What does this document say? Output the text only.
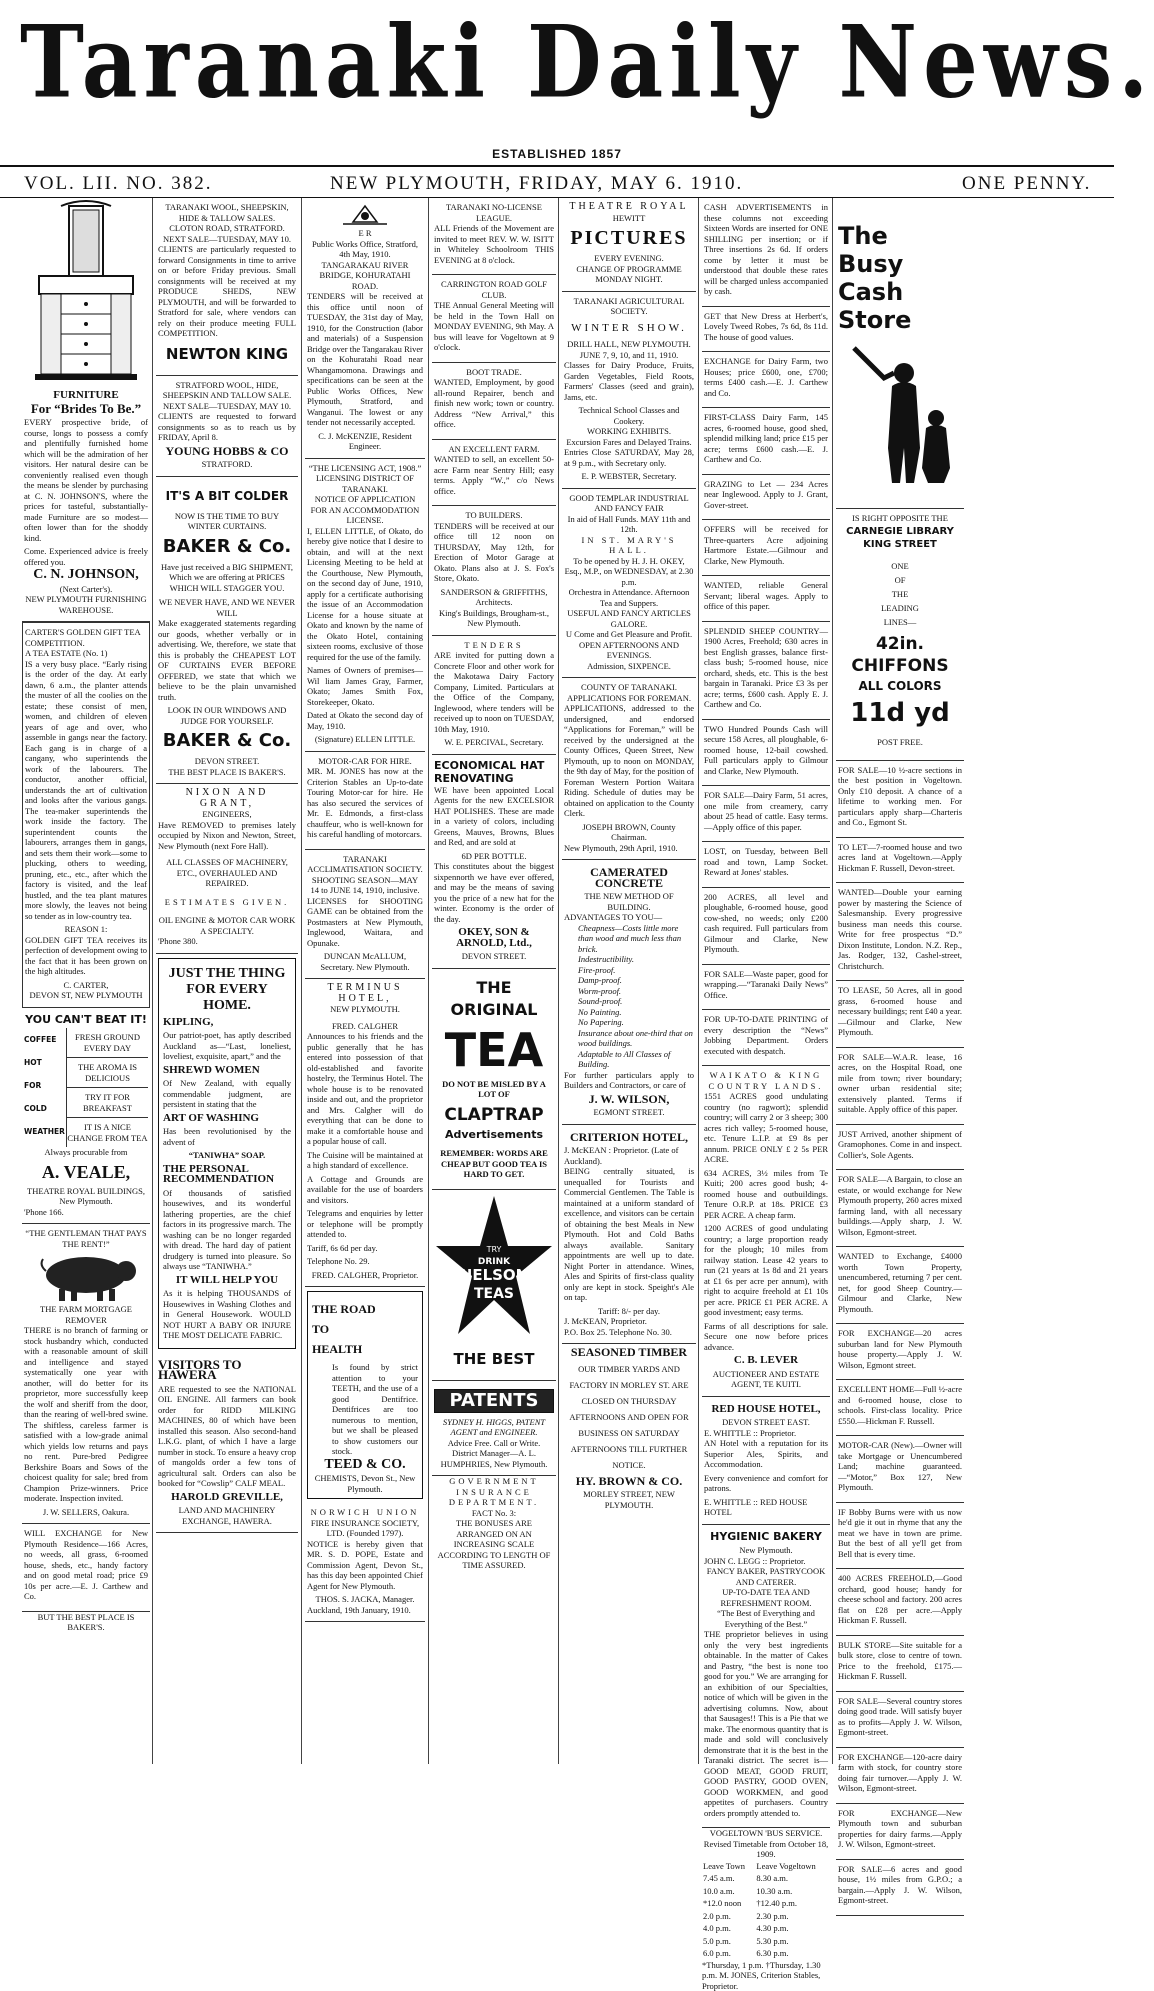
Taranaki Daily News.
ESTABLISHED 1857
VOL. LII. NO. 382.	NEW PLYMOUTH, FRIDAY, MAY 6. 1910.	ONE PENNY.
FURNITURE
For “Brides To Be.”

EVERY prospective bride, of course, longs to possess a comfy and plentifully furnished home which will be the admiration of her visitors. Her natural desire can be conveniently realised even though the means be slender by purchasing at C. N. JOHNSON'S, where the prices for tasteful, substantially-made Furniture are so modest—often lower than for the shoddy kind.

Come. Experienced advice is freely offered you.

C. N. JOHNSON,
(Next Carter's).
NEW PLYMOUTH FURNISHING WAREHOUSE.
CARTER'S GOLDEN GIFT TEA COMPETITION.
A TEA ESTATE (No. 1)

IS a very busy place. “Early rising is the order of the day. At early dawn, 6 a.m., the planter attends the muster of all the coolies on the estate; these consist of men, women, and children of eleven years of age and over, who assemble in gangs near the factory. Each gang is in charge of a cangany, who superintends the work of the labourers. The conductor, another official, understands the art of cultivation and looks after the various gangs. The tea-maker superintends the work inside the factory. The superintendent counts the labourers, arranges them in gangs, and sets them their work—some to plucking, others to weeding, pruning, etc., etc., after which the factory is visited, and the leaf hustled, and the tea plant matures more slowly, the leaves not being so tender as in low-country tea.

REASON 1:

GOLDEN GIFT TEA receives its perfection of development owing to the fact that it has been grown on the high altitudes.

C. CARTER,
DEVON ST, NEW PLYMOUTH
YOU CAN'T BEAT IT!
COFFEE
HOT
FOR
COLD
WEATHER
FRESH GROUND EVERY DAY
THE AROMA IS DELICIOUS
TRY IT FOR BREAKFAST
IT IS A NICE CHANGE FROM TEA
Always procurable from
A. VEALE,
THEATRE ROYAL BUILDINGS, New Plymouth.
'Phone 166.
“THE GENTLEMAN THAT PAYS THE RENT!”
THE FARM MORTGAGE REMOVER

THERE is no branch of farming or stock husbandry which, conducted with a reasonable amount of skill and intelligence and stayed systematically one year with another, will do better for its proprietor, more successfully keep the wolf and sheriff from the door, than the rearing of well-bred swine. The shiftless, careless farmer is satisfied with a low-grade animal which yields low returns and pays no rent. Pure-bred Pedigree Berkshire Boars and Sows of the choicest quality for sale; bred from Champion Prize-winners. Price moderate. Inspection invited.

J. W. SELLERS, Oakura.

WILL EXCHANGE for New Plymouth Residence—166 Acres, no weeds, all grass, 6-roomed house, sheds, etc., handy factory and on good metal road; price £9 10s per acre.—E. J. Carthew and Co.

BUT THE BEST PLACE IS BAKER'S.
TARANAKI WOOL, SHEEPSKIN, HIDE & TALLOW SALES.
CLOTON ROAD, STRATFORD.
NEXT SALE—TUESDAY, MAY 10.

CLIENTS are particularly requested to forward Consignments in time to arrive on or before Friday previous. Small consignments will be received at my PRODUCE SHEDS, NEW PLYMOUTH, and will be forwarded to Stratford for sale, where vendors can rely on their produce meeting FULL COMPETITION.

NEWTON KING
STRATFORD WOOL, HIDE, SHEEPSKIN AND TALLOW SALE.
NEXT SALE—TUESDAY, MAY 10.

CLIENTS are requested to forward consignments so as to reach us by FRIDAY, April 8.

YOUNG HOBBS & CO
STRATFORD.
IT'S A BIT COLDER
NOW IS THE TIME TO BUY WINTER CURTAINS.
BAKER & Co.
Have just received a BIG SHIPMENT, Which we are offering at PRICES WHICH WILL STAGGER YOU.
WE NEVER HAVE, AND WE NEVER WILL

Make exaggerated statements regarding our goods, whether verbally or in advertising. We, therefore, we state that this is probably the CHEAPEST LOT OF CURTAINS EVER BEFORE OFFERED, we state that which we believe to be the plain unvarnished truth.

LOOK IN OUR WINDOWS AND JUDGE FOR YOURSELF.
BAKER & Co.
DEVON STREET.
THE BEST PLACE IS BAKER'S.
NIXON AND GRANT,
ENGINEERS,

Have REMOVED to premises lately occupied by Nixon and Newton, Street, New Plymouth (next Fore Hall).

ALL CLASSES OF MACHINERY, ETC., OVERHAULED AND REPAIRED.
ESTIMATES GIVEN.
OIL ENGINE & MOTOR CAR WORK A SPECIALTY.
'Phone 380.
JUST THE THING FOR EVERY HOME.
KIPLING,

Our patriot-poet, has aptly described Auckland as—“Last, loneliest, loveliest, exquisite, apart,” and the

SHREWD WOMEN

Of New Zealand, with equally commendable judgment, are persistent in stating that the

ART OF WASHING

Has been revolutionised by the advent of

“TANIWHA” SOAP.
THE PERSONAL RECOMMENDATION

Of thousands of satisfied housewives, and its wonderful lathering properties, are the chief factors in its progressive march. The washing can be no longer regarded with dread. The hard day of patient drudgery is turned into pleasure. So always use “TANIWHA.”

IT WILL HELP YOU

As it is helping THOUSANDS of Housewives in Washing Clothes and in General Housework. WOULD NOT HURT A BABY OR INJURE THE MOST DELICATE FABRIC.

VISITORS TO HAWERA

ARE requested to see the NATIONAL OIL ENGINE. All farmers can book order for RIDD MILKING MACHINES, 80 of which have been installed this season. Also second-hand L.K.G. plant, of which I have a large number in stock. To ensure a heavy crop of mangolds order a few tons of agricultural salt. Orders can also be booked for “Cowslip” CALF MEAL.

HAROLD GREVILLE,
LAND AND MACHINERY EXCHANGE, HAWERA.
E R
Public Works Office, Stratford, 4th May, 1910.
TANGARAKAU RIVER BRIDGE, KOHURATAHI ROAD.

TENDERS will be received at this office until noon of TUESDAY, the 31st day of May, 1910, for the Construction (labor and materials) of a Suspension Bridge over the Tangarakau River on the Kohuratahi Road near Whangamomona. Drawings and specifications can be seen at the Public Works Offices, New Plymouth, Stratford, and Wanganui. The lowest or any tender not necessarily accepted.

C. J. McKENZIE, Resident Engineer.
“THE LICENSING ACT, 1908.”
LICENSING DISTRICT OF TARANAKI.
NOTICE OF APPLICATION FOR AN ACCOMMODATION LICENSE.

I, ELLEN LITTLE, of Okato, do hereby give notice that I desire to obtain, and will at the next Licensing Meeting to be held at the Courthouse, New Plymouth, on the second day of June, 1910, apply for a certificate authorising the issue of an Accommodation License for a house situate at Okato and known by the name of the Okato Hotel, containing sixteen rooms, exclusive of those required for the use of the family.

Names of Owners of premises—Wil liam James Gray, Farmer, Okato; James Smith Fox, Storekeeper, Okato.

Dated at Okato the second day of May, 1910.

(Signature) ELLEN LITTLE.
MOTOR-CAR FOR HIRE.

MR. M. JONES has now at the Criterion Stables an Up-to-date Touring Motor-car for hire. He has also secured the services of Mr. E. Edmonds, a first-class chauffeur, who is well-known for his careful handling of motorcars.

TARANAKI ACCLIMATISATION SOCIETY.
SHOOTING SEASON—MAY 14 to JUNE 14, 1910, inclusive.

LICENSES for SHOOTING GAME can be obtained from the Postmasters at New Plymouth, Inglewood, Waitara, and Opunake.

DUNCAN McALLUM, Secretary. New Plymouth.
TERMINUS HOTEL,
NEW PLYMOUTH.
FRED. CALGHER

Announces to his friends and the public generally that he has entered into possession of that old-established and favorite hostelry, the Terminus Hotel. The whole house is to be renovated inside and out, and the proprietor and Mrs. Calgher will do everything that can be done to make it a comfortable house and a popular house of call.

The Cuisine will be maintained at a high standard of excellence.

A Cottage and Grounds are available for the use of boarders and visitors.

Telegrams and enquiries by letter or telephone will be promptly attended to.

Tariff, 6s 6d per day.

Telephone No. 29.

FRED. CALGHER, Proprietor.
THE ROAD TO HEALTH

Is found by strict attention to your TEETH, and the use of a good Dentifrice. Dentifrices are too numerous to mention, but we shall be pleased to show customers our stock.

TEED & CO.
CHEMISTS, Devon St., New Plymouth.
NORWICH UNION
FIRE INSURANCE SOCIETY, LTD. (Founded 1797).

NOTICE is hereby given that MR. S. D. POPE, Estate and Commission Agent, Devon St., has this day been appointed Chief Agent for New Plymouth.

THOS. S. JACKA, Manager.
Auckland, 19th January, 1910.
TARANAKI NO-LICENSE LEAGUE.

ALL Friends of the Movement are invited to meet REV. W. W. ISITT in Whiteley Schoolroom THIS EVENING at 8 o'clock.

CARRINGTON ROAD GOLF CLUB.

THE Annual General Meeting will be held in the Town Hall on MONDAY EVENING, 9th May. A bus will leave for Vogeltown at 9 o'clock.

BOOT TRADE.

WANTED, Employment, by good all-round Repairer, bench and finish new work; town or country. Address “New Arrival,” this office.

AN EXCELLENT FARM.

WANTED to sell, an excellent 50-acre Farm near Sentry Hill; easy terms. Apply “W.,” c/o News office.

TO BUILDERS.

TENDERS will be received at our office till 12 noon on THURSDAY, May 12th, for Erection of Motor Garage at Okato. Plans also at J. S. Fox's Store, Okato.

SANDERSON & GRIFFITHS, Architects.
King's Buildings, Brougham-st., New Plymouth.
TENDERS

ARE invited for putting down a Concrete Floor and other work for the Makotawa Dairy Factory Company, Limited. Particulars at the Office of the Company, Inglewood, where tenders will be received up to noon on TUESDAY, 10th May, 1910.

W. E. PERCIVAL, Secretary.
ECONOMICAL HAT RENOVATING

WE have been appointed Local Agents for the new EXCELSIOR HAT POLISHES. These are made in a variety of colors, including Greens, Mauves, Browns, Blues and Red, and are sold at

6D PER BOTTLE.

This constitutes about the biggest sixpennorth we have ever offered, and may be the means of saving you the price of a new hat for the winter. Economy is the order of the day.

OKEY, SON & ARNOLD, Ltd.,
DEVON STREET.
THE ORIGINAL
TEA
DO NOT BE MISLED BY A LOT OF
CLAPTRAP
Advertisements
REMEMBER: WORDS ARE CHEAP BUT GOOD TEA IS HARD TO GET.
TRY
DRINK
NELSON
TEAS
THE BEST
PATENTS
SYDNEY H. HIGGS, PATENT AGENT and ENGINEER.
Advice Free. Call or Write. District Manager—A. L. HUMPHRIES, New Plymouth.
GOVERNMENT INSURANCE DEPARTMENT.
FACT No. 3:
THE BONUSES ARE ARRANGED ON AN INCREASING SCALE ACCORDING TO LENGTH OF TIME ASSURED.
THEATRE ROYAL
HEWITT
PICTURES
EVERY EVENING.
CHANGE OF PROGRAMME MONDAY NIGHT.
TARANAKI AGRICULTURAL SOCIETY.
WINTER SHOW.
DRILL HALL, NEW PLYMOUTH.
JUNE 7, 9, 10, and 11, 1910.

Classes for Dairy Produce, Fruits, Garden Vegetables, Field Roots, Farmers' Classes (seed and grain), Jams, etc.

Technical School Classes and Cookery.
WORKING EXHIBITS.
Excursion Fares and Delayed Trains.

Entries Close SATURDAY, May 28, at 9 p.m., with Secretary only.

E. P. WEBSTER, Secretary.
GOOD TEMPLAR INDUSTRIAL AND FANCY FAIR
In aid of Hall Funds. MAY 11th and 12th.
IN ST. MARY'S HALL.
To be opened by H. J. H. OKEY, Esq., M.P., on WEDNESDAY, at 2.30 p.m.
Orchestra in Attendance. Afternoon Tea and Suppers.
USEFUL AND FANCY ARTICLES GALORE.
U Come and Get Pleasure and Profit.
OPEN AFTERNOONS AND EVENINGS.
Admission, SIXPENCE.
COUNTY OF TARANAKI.
APPLICATIONS FOR FOREMAN.

APPLICATIONS, addressed to the undersigned, and endorsed “Applications for Foreman,” will be received by the undersigned at the County Offices, Queen Street, New Plymouth, up to noon on MONDAY, the 9th day of May, for the position of Foreman Western Portion Waitara Riding. Schedule of duties may be obtained on application to the County Clerk.

JOSEPH BROWN, County Chairman.
New Plymouth, 29th April, 1910.
CAMERATED CONCRETE
THE NEW METHOD OF BUILDING.
ADVANTAGES TO YOU—
Cheapness—Costs little more than wood and much less than brick.
Indestructibility.
Fire-proof.
Damp-proof.
Worm-proof.
Sound-proof.
No Painting.
No Papering.
Insurance about one-third that on wood buildings.
Adaptable to All Classes of Building.

For further particulars apply to Builders and Contractors, or care of

J. W. WILSON,
EGMONT STREET.
CRITERION HOTEL,
J. McKEAN : Proprietor. (Late of Auckland).

BEING centrally situated, is unequalled for Tourists and Commercial Gentlemen. The Table is maintained at a uniform standard of excellence, and visitors can be certain of obtaining the best Meals in New Plymouth. Hot and Cold Baths always available. Sanitary appointments are well up to date. Night Porter in attendance. Wines, Ales and Spirits of first-class quality only are kept in stock. Speight's Ale on tap.

Tariff: 8/- per day.
J. McKEAN, Proprietor.
P.O. Box 25. Telephone No. 30.
SEASONED TIMBER
OUR TIMBER YARDS AND FACTORY IN MORLEY ST. ARE CLOSED ON THURSDAY AFTERNOONS AND OPEN FOR BUSINESS ON SATURDAY AFTERNOONS TILL FURTHER NOTICE.
HY. BROWN & CO.
MORLEY STREET, NEW PLYMOUTH.

CASH ADVERTISEMENTS in these columns not exceeding Sixteen Words are inserted for ONE SHILLING per insertion; or if Three insertions 2s 6d. If orders come by letter it must be understood that double these rates will be charged unless accompanied by cash.

GET that New Dress at Herbert's, Lovely Tweed Robes, 7s 6d, 8s 11d. The house of good values.

EXCHANGE for Dairy Farm, two Houses; price £600, one, £700; terms £400 cash.—E. J. Carthew and Co.

FIRST-CLASS Dairy Farm, 145 acres, 6-roomed house, good shed, splendid milking land; price £15 per acre; terms £600 cash.—E. J. Carthew and Co.

GRAZING to Let — 234 Acres near Inglewood. Apply to J. Grant, Gover-street.

OFFERS will be received for Three-quarters Acre adjoining Hartmore Estate.—Gilmour and Clarke, New Plymouth.

WANTED, reliable General Servant; liberal wages. Apply to office of this paper.

SPLENDID SHEEP COUNTRY—1900 Acres, Freehold; 630 acres in best English grasses, balance first-class bush; 5-roomed house, nice orchard, sheds, etc. This is the best bargain in Taranaki. Price £3 3s per acre; terms, £600 cash. Apply E. J. Carthew and Co.

TWO Hundred Pounds Cash will secure 158 Acres, all ploughable, 6-roomed house, 12-bail cowshed. Full particulars apply to Gilmour and Clarke, New Plymouth.

FOR SALE—Dairy Farm, 51 acres, one mile from creamery, carry about 25 head of cattle. Easy terms.—Apply office of this paper.

LOST, on Tuesday, between Bell road and town, Lamp Socket. Reward at Jones' stables.

200 ACRES, all level and ploughable, 6-roomed house, good cow-shed, no weeds; only £200 cash required. Full particulars from Gilmour and Clarke, New Plymouth.

FOR SALE—Waste paper, good for wrapping.—“Taranaki Daily News” Office.

FOR UP-TO-DATE PRINTING of every description the “News” Jobbing Department. Orders executed with despatch.

WAIKATO & KING COUNTRY LANDS.

1551 ACRES good undulating country (no ragwort); splendid country; will carry 2 or 3 sheep; 300 acres rich valley; 5-roomed house, etc. Tenure L.I.P. at £9 8s per annum. PRICE ONLY £ 2 5s PER ACRE.

634 ACRES, 3½ miles from Te Kuiti; 200 acres good bush; 4-roomed house and outbuildings. Tenure O.R.P. at 18s. PRICE £3 PER ACRE. A cheap farm.

1200 ACRES of good undulating country; a large proportion ready for the plough; 10 miles from railway station. Lease 42 years to run (21 years at 1s 8d and 21 years at £1 6s per acre per annum), with right to acquire freehold at £1 10s per acre. PRICE £1 PER ACRE. A good investment; easy terms.

Farms of all descriptions for sale. Secure one now before prices advance.

C. B. LEVER
AUCTIONEER AND ESTATE AGENT, TE KUITI.
RED HOUSE HOTEL,
DEVON STREET EAST.
E. WHITTLE :: Proprietor.

AN Hotel with a reputation for its Superior Ales, Spirits, and Accommodation.

Every convenience and comfort for patrons.

E. WHITTLE :: RED HOUSE HOTEL
HYGIENIC BAKERY
New Plymouth.
JOHN C. LEGG :: Proprietor.
FANCY BAKER, PASTRYCOOK AND CATERER.
UP-TO-DATE TEA AND REFRESHMENT ROOM.
“The Best of Everything and Everything of the Best.”

THE proprietor believes in using only the very best ingredients obtainable. In the matter of Cakes and Pastry, “the best is none too good for you.” We are arranging for an exhibition of our Specialties, notice of which will be given in the advertising columns. Now, about that Sausages!! This is a Pie that we make. The enormous quantity that is made and sold will conclusively demonstrate that it is the best in the Taranaki district. The secret is—GOOD MEAT, GOOD FRUIT, GOOD PASTRY, GOOD OVEN, GOOD WORKMEN, and good appetites of purchasers. Country orders promptly attended to.

VOGELTOWN 'BUS SERVICE.
Revised Timetable from October 18, 1909.
Leave Town	Leave Vogeltown
7.45 a.m.	8.30 a.m.
10.0 a.m.	10.30 a.m.
*12.0 noon	†12.40 p.m.
2.0 p.m.	2.30 p.m.
4.0 p.m.	4.30 p.m.
5.0 p.m.	5.30 p.m.
6.0 p.m.	6.30 p.m.
*Thursday, 1 p.m. †Thursday, 1.30 p.m. M. JONES, Criterion Stables, Proprietor.
The
Busy
Cash
Store
IS RIGHT OPPOSITE THE
CARNEGIE LIBRARY
KING STREET
ONE
OF
THE
LEADING
LINES—
42in. CHIFFONS
ALL COLORS
11d yd
POST FREE.

FOR SALE—10 ½-acre sections in the best position in Vogeltown. Only £10 deposit. A chance of a lifetime to working men. For particulars apply sharp—Charteris and Co., Egmont St.

TO LET—7-roomed house and two acres land at Vogeltown.—Apply Hickman F. Russell, Devon-street.

WANTED—Double your earning power by mastering the Science of Salesmanship. Every progressive business man needs this course. Write for free prospectus “D.” Dixon Institute, London. N.Z. Rep., Jas. Rodger, 132, Cashel-street, Christchurch.

TO LEASE, 50 Acres, all in good grass, 6-roomed house and necessary buildings; rent £40 a year.—Gilmour and Clarke, New Plymouth.

FOR SALE—W.A.R. lease, 16 acres, on the Hospital Road, one mile from town; river boundary; owner urban residential site; extensively planted. Terms if suitable. Apply office of this paper.

JUST Arrived, another shipment of Gramophones. Come in and inspect. Collier's, Sole Agents.

FOR SALE—A Bargain, to close an estate, or would exchange for New Plymouth property, 260 acres mixed farming land, with all necessary buildings.—Apply sharp, J. W. Wilson, Egmont-street.

WANTED to Exchange, £4000 worth Town Property, unencumbered, returning 7 per cent. net, for good Sheep Country.—Gilmour and Clarke, New Plymouth.

FOR EXCHANGE—20 acres suburban land for New Plymouth house property.—Apply J. W. Wilson, Egmont street.

EXCELLENT HOME—Full ½-acre and 6-roomed house, close to schools. First-class locality. Price £550.—Hickman F. Russell.

MOTOR-CAR (New).—Owner will take Mortgage or Unencumbered Land; machine guaranteed.—“Motor,” Box 127, New Plymouth.

IF Bobby Burns were with us now he'd gie it out in rhyme that any the meat we have in town are prime. But the best of all ye'll get from Bell that is every time.

400 ACRES FREEHOLD,—Good orchard, good house; handy for cheese school and factory. 200 acres flat on £28 per acre.—Apply Hickman F. Russell.

BULK STORE—Site suitable for a bulk store, close to centre of town. Price to the freehold, £175.—Hickman F. Russell.

FOR SALE—Several country stores doing good trade. Will satisfy buyer as to profits—Apply J. W. Wilson, Egmont-street.

FOR EXCHANGE—120-acre dairy farm with stock, for country store doing fair turnover.—Apply J. W. Wilson, Egmont-street.

FOR EXCHANGE—New Plymouth town and suburban properties for dairy farms.—Apply J. W. Wilson, Egmont-street.

FOR SALE—6 acres and good house, 1½ miles from G.P.O.; a bargain.—Apply J. W. Wilson, Egmont-street.
